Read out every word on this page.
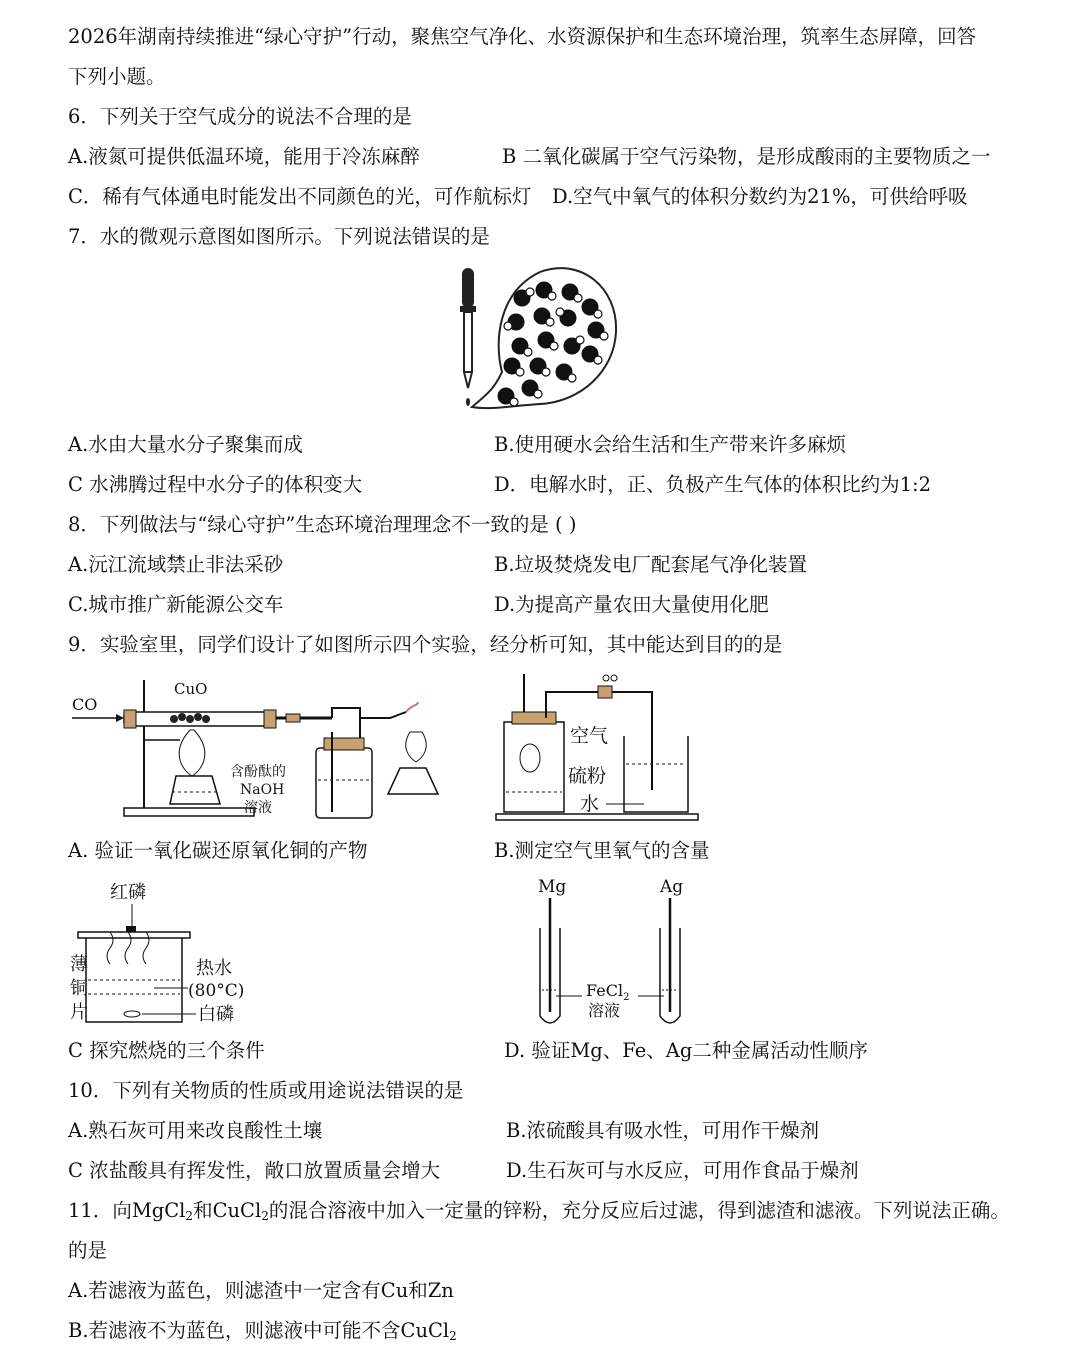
2026年湖南持续推进“绿心守护”行动，聚焦空气净化、水资源保护和生态环境治理，筑率生态屏障，回答
下列小题。
6．下列关于空气成分的说法不合理的是
A.液氮可提供低温环境，能用于冷冻麻醉	B 二氧化碳属于空气污染物，是形成酸雨的主要物质之一
C．稀有气体通电时能发出不同颜色的光，可作航标灯 D.空气中氧气的体积分数约为21%，可供给呼吸
7．水的微观示意图如图所示。下列说法错误的是
A.水由大量水分子聚集而成	B.使用硬水会给生活和生产带来许多麻烦
C 水沸腾过程中水分子的体积变大	D．电解水时，正、负极产生气体的体积比约为1:2
8．下列做法与“绿心守护”生态环境治理理念不一致的是 ( )
A.沅江流域禁止非法采砂	B.垃圾焚烧发电厂配套尾气净化装置
C.城市推广新能源公交车	D.为提高产量农田大量使用化肥
9．实验室里，同学们设计了如图所示四个实验，经分析可知，其中能达到目的的是
CO
CuO
含酚酞的
NaOH
溶液
空气
硫粉
水
A. 验证一氧化碳还原氧化铜的产物	B.测定空气里氧气的含量
红磷
薄
铜
片
热水
(80°C)
白磷
Mg	Ag
FeCl$_2$
溶液
C 探究燃烧的三个条件	D. 验证Mg、Fe、Ag二种金属活动性顺序
10．下列有关物质的性质或用途说法错误的是
A.熟石灰可用来改良酸性土壤	B.浓硫酸具有吸水性，可用作干燥剂
C 浓盐酸具有挥发性，敞口放置质量会增大	D.生石灰可与水反应，可用作食品于燥剂
11．向MgCl$_2$和CuCl$_2$的混合溶液中加入一定量的锌粉，充分反应后过滤，得到滤渣和滤液。下列说法正确。
的是
A.若滤液为蓝色，则滤渣中一定含有Cu和Zn
B.若滤液不为蓝色，则滤液中可能不含CuCl$_2$
